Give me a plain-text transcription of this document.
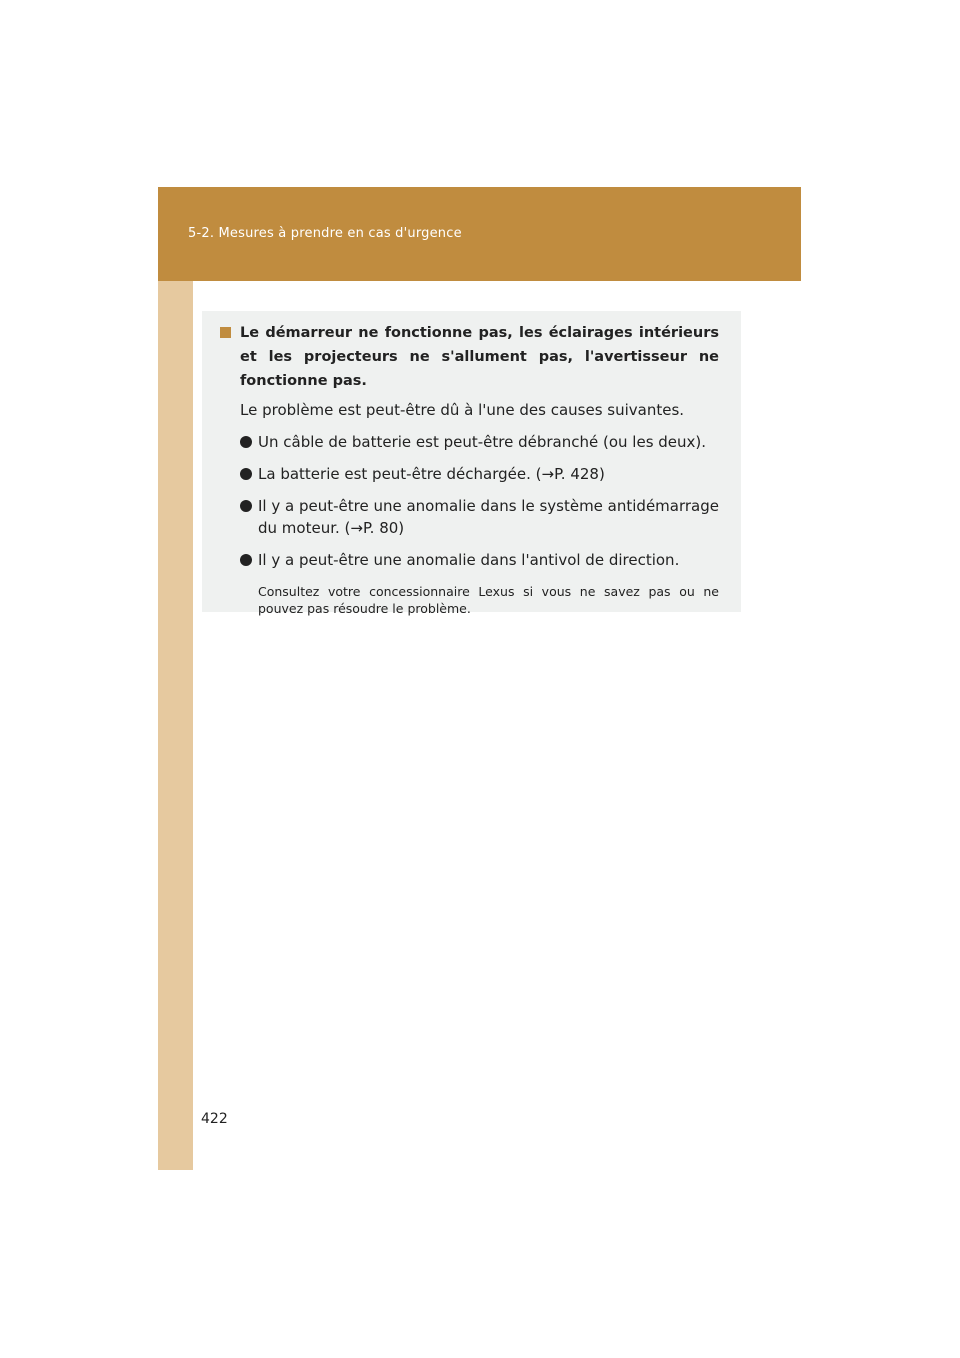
5-2. Mesures à prendre en cas d'urgence
Le démarreur ne fonctionne pas, les éclairages intérieurs et les projecteurs ne s'allument pas, l'avertisseur ne fonctionne pas.
Le problème est peut-être dû à l'une des causes suivantes.
Un câble de batterie est peut-être débranché (ou les deux).
La batterie est peut-être déchargée. (→P. 428)
Il y a peut-être une anomalie dans le système antidémarrage du moteur. (→P. 80)
Il y a peut-être une anomalie dans l'antivol de direction.
Consultez votre concessionnaire Lexus si vous ne savez pas ou ne pouvez pas résoudre le problème.
422
